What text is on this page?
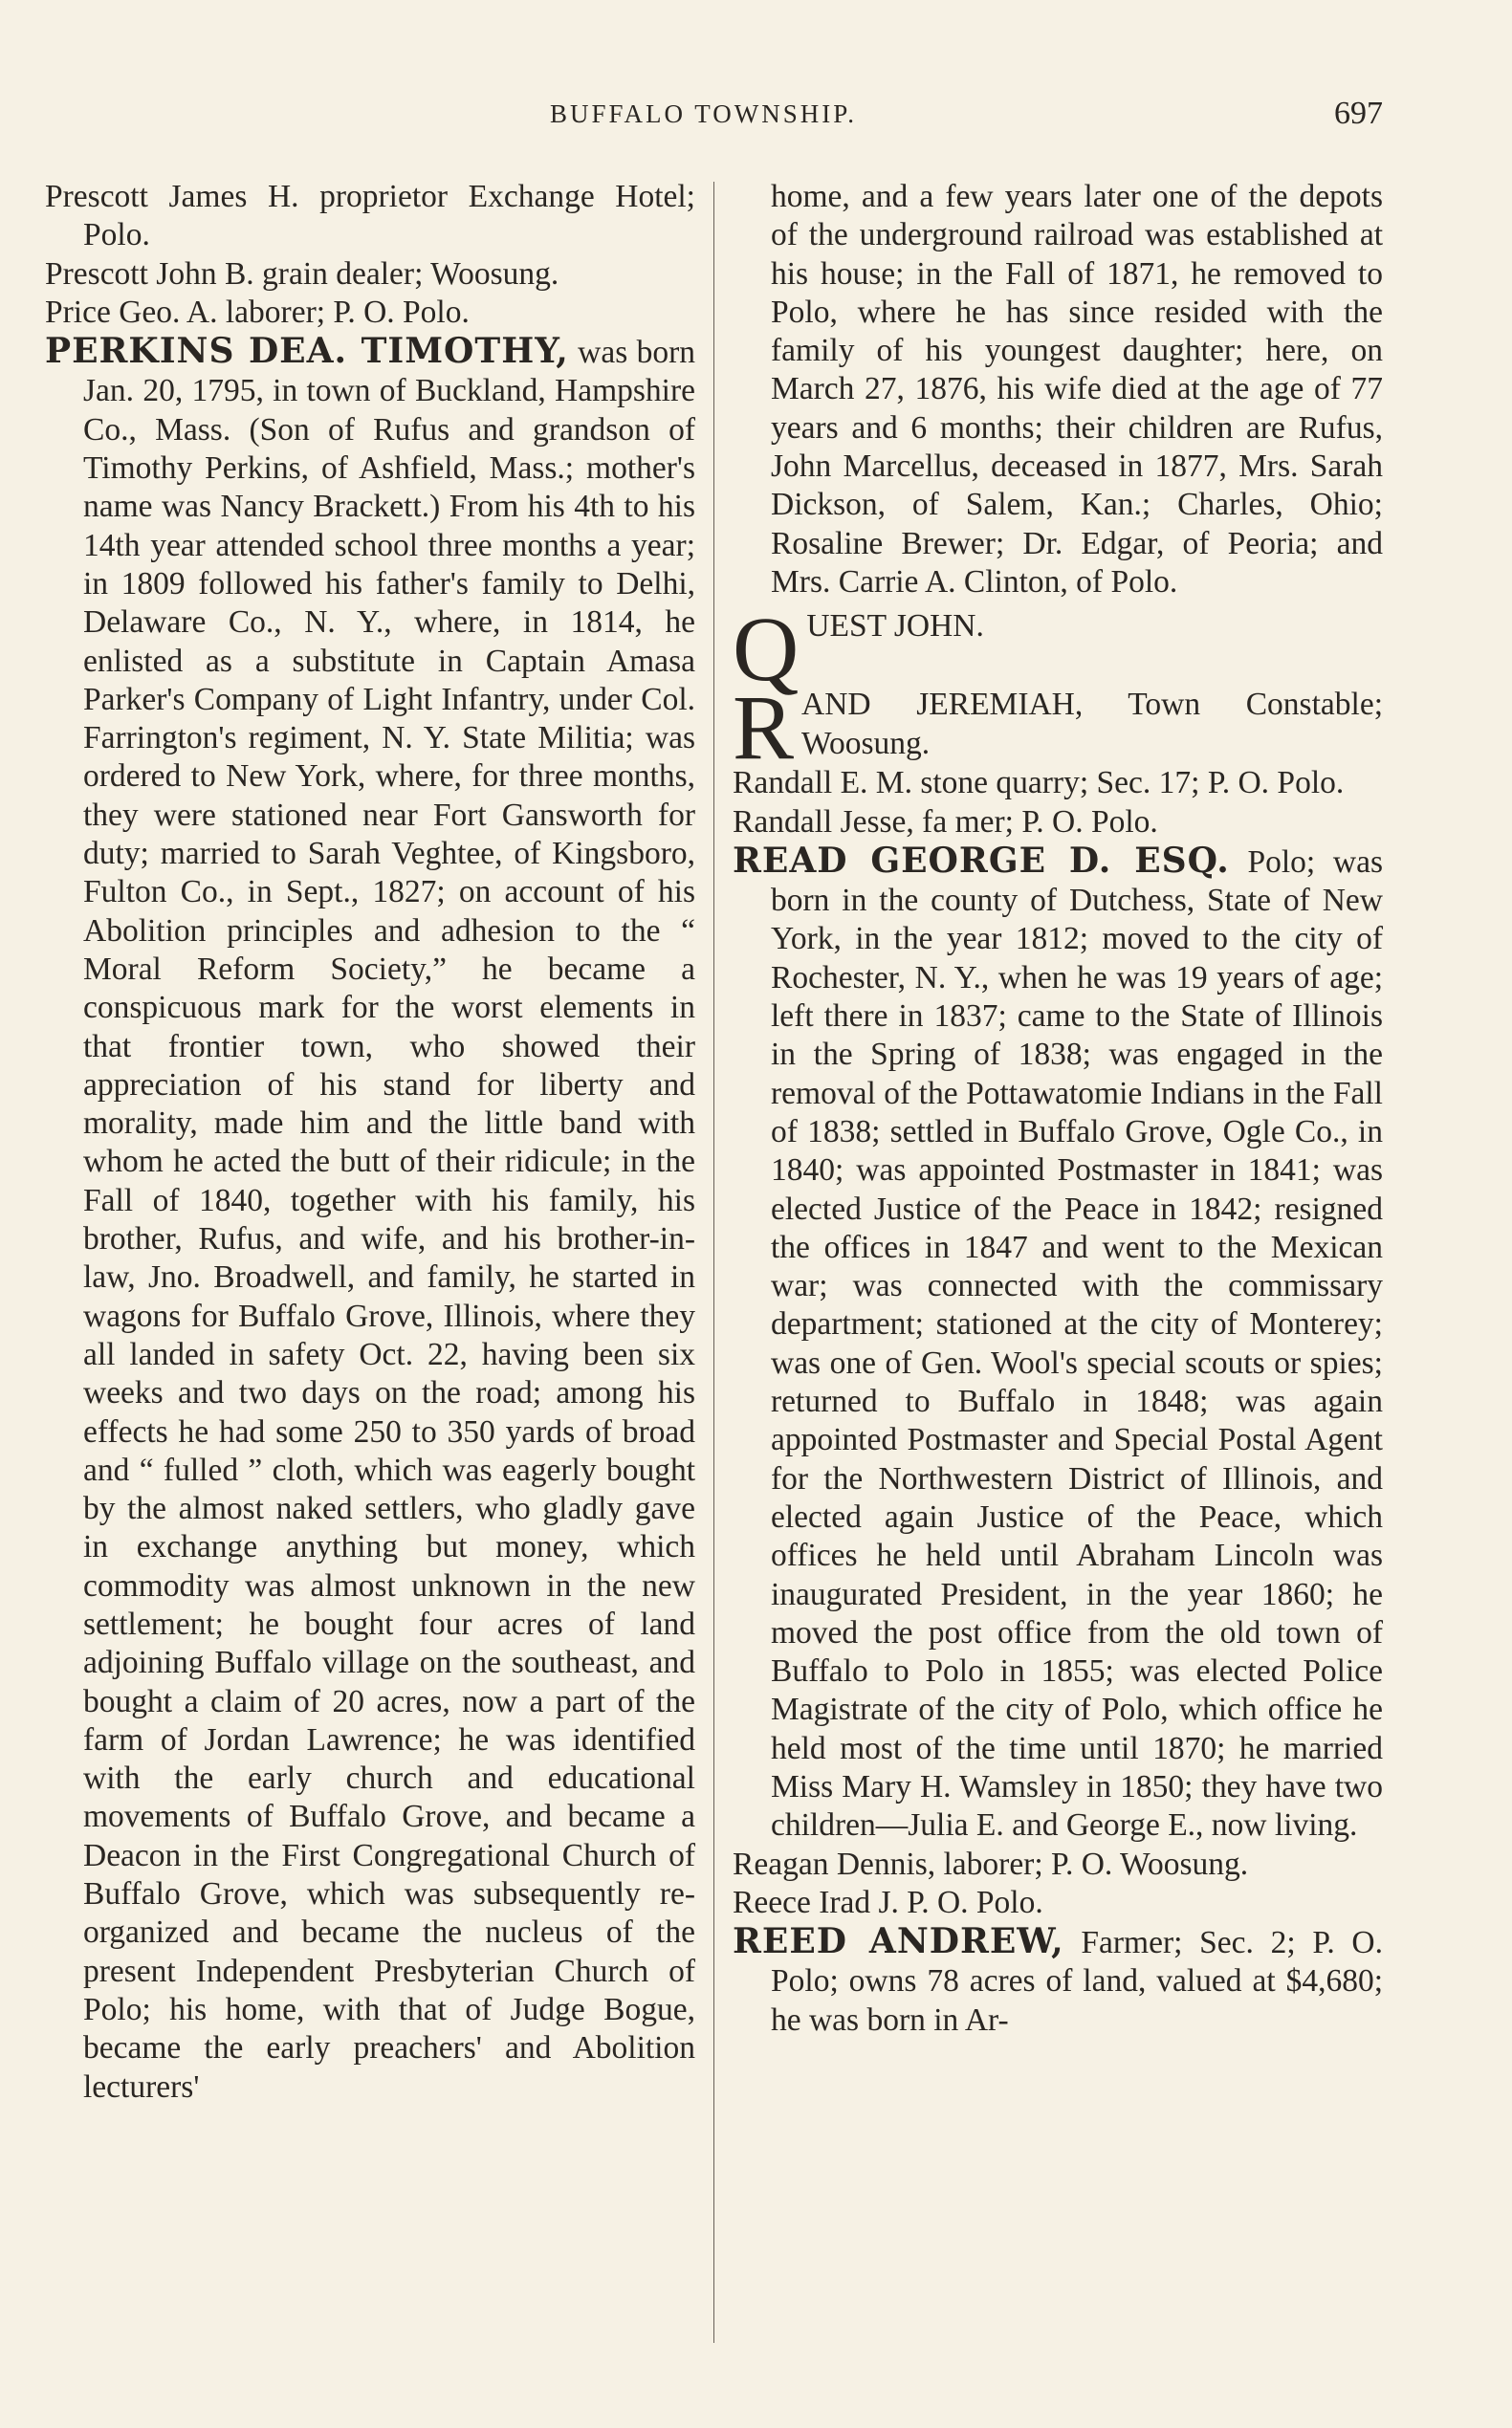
BUFFALO TOWNSHIP.	697

Prescott James H. proprietor Exchange Hotel; Polo.

Prescott John B. grain dealer; Woosung.

Price Geo. A. laborer; P. O. Polo.

PERKINS DEA. TIMOTHY, was born Jan. 20, 1795, in town of Buckland, Hampshire Co., Mass. (Son of Rufus and grandson of Timothy Perkins, of Ashfield, Mass.; mother's name was Nancy Brackett.) From his 4th to his 14th year attended school three months a year; in 1809 followed his father's family to Delhi, Delaware Co., N. Y., where, in 1814, he enlisted as a substitute in Captain Amasa Parker's Company of Light Infantry, under Col. Farrington's regiment, N. Y. State Militia; was ordered to New York, where, for three months, they were stationed near Fort Gansworth for duty; married to Sarah Veghtee, of Kingsboro, Fulton Co., in Sept., 1827; on account of his Abolition principles and adhesion to the “ Moral Reform Society,” he became a conspicuous mark for the worst elements in that frontier town, who showed their appreciation of his stand for liberty and morality, made him and the little band with whom he acted the butt of their ridicule; in the Fall of 1840, together with his family, his brother, Rufus, and wife, and his brother-in-law, Jno. Broadwell, and family, he started in wagons for Buffalo Grove, Illinois, where they all landed in safety Oct. 22, having been six weeks and two days on the road; among his effects he had some 250 to 350 yards of broad and “ fulled ” cloth, which was eagerly bought by the almost naked settlers, who gladly gave in exchange anything but money, which commodity was almost unknown in the new settlement; he bought four acres of land adjoining Buffalo village on the southeast, and bought a claim of 20 acres, now a part of the farm of Jordan Lawrence; he was identified with the early church and educational movements of Buffalo Grove, and became a Deacon in the First Congregational Church of Buffalo Grove, which was subsequently re-organized and became the nucleus of the present Independent Presbyterian Church of Polo; his home, with that of Judge Bogue, became the early preachers' and Abolition lecturers'

home, and a few years later one of the depots of the underground railroad was established at his house; in the Fall of 1871, he removed to Polo, where he has since resided with the family of his youngest daughter; here, on March 27, 1876, his wife died at the age of 77 years and 6 months; their children are Rufus, John Marcellus, deceased in 1877, Mrs. Sarah Dickson, of Salem, Kan.; Charles, Ohio; Rosaline Brewer; Dr. Edgar, of Peoria; and Mrs. Carrie A. Clinton, of Polo.

Q UEST JOHN.

R AND JEREMIAH, Town Constable; Woosung.

Randall E. M. stone quarry; Sec. 17; P. O. Polo.

Randall Jesse, fa mer; P. O. Polo.

READ GEORGE D. ESQ. Polo; was born in the county of Dutchess, State of New York, in the year 1812; moved to the city of Rochester, N. Y., when he was 19 years of age; left there in 1837; came to the State of Illinois in the Spring of 1838; was engaged in the removal of the Pottawatomie Indians in the Fall of 1838; settled in Buffalo Grove, Ogle Co., in 1840; was appointed Postmaster in 1841; was elected Justice of the Peace in 1842; resigned the offices in 1847 and went to the Mexican war; was connected with the commissary department; stationed at the city of Monterey; was one of Gen. Wool's special scouts or spies; returned to Buffalo in 1848; was again appointed Postmaster and Special Postal Agent for the Northwestern District of Illinois, and elected again Justice of the Peace, which offices he held until Abraham Lincoln was inaugurated President, in the year 1860; he moved the post office from the old town of Buffalo to Polo in 1855; was elected Police Magistrate of the city of Polo, which office he held most of the time until 1870; he married Miss Mary H. Wamsley in 1850; they have two children—Julia E. and George E., now living.

Reagan Dennis, laborer; P. O. Woosung.

Reece Irad J. P. O. Polo.

REED ANDREW, Farmer; Sec. 2; P. O. Polo; owns 78 acres of land, valued at $4,680; he was born in Ar-
